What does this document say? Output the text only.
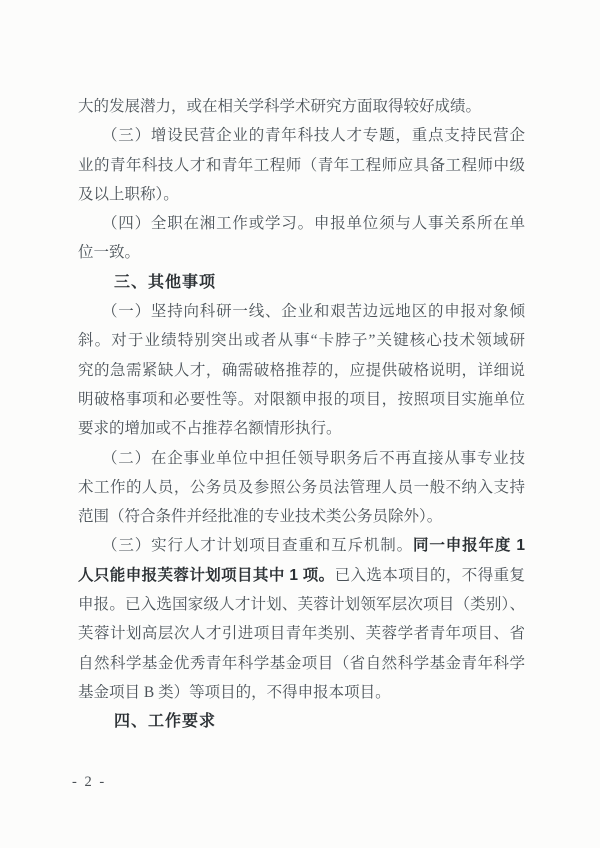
大的发展潜力，或在相关学科学术研究方面取得较好成绩。
（三）增设民营企业的青年科技人才专题，重点支持民营企
业的青年科技人才和青年工程师（青年工程师应具备工程师中级
及以上职称）。
（四）全职在湘工作或学习。申报单位须与人事关系所在单
位一致。
三、其他事项
（一）坚持向科研一线、企业和艰苦边远地区的申报对象倾
斜。对于业绩特别突出或者从事“卡脖子”关键核心技术领域研
究的急需紧缺人才，确需破格推荐的，应提供破格说明，详细说
明破格事项和必要性等。对限额申报的项目，按照项目实施单位
要求的增加或不占推荐名额情形执行。
（二）在企事业单位中担任领导职务后不再直接从事专业技
术工作的人员，公务员及参照公务员法管理人员一般不纳入支持
范围（符合条件并经批准的专业技术类公务员除外）。
（三）实行人才计划项目查重和互斥机制。同一申报年度 1
人只能申报芙蓉计划项目其中 1 项。已入选本项目的，不得重复
申报。已入选国家级人才计划、芙蓉计划领军层次项目（类别）、
芙蓉计划高层次人才引进项目青年类别、芙蓉学者青年项目、省
自然科学基金优秀青年科学基金项目（省自然科学基金青年科学
基金项目 B 类）等项目的，不得申报本项目。
四、工作要求
- 2 -
